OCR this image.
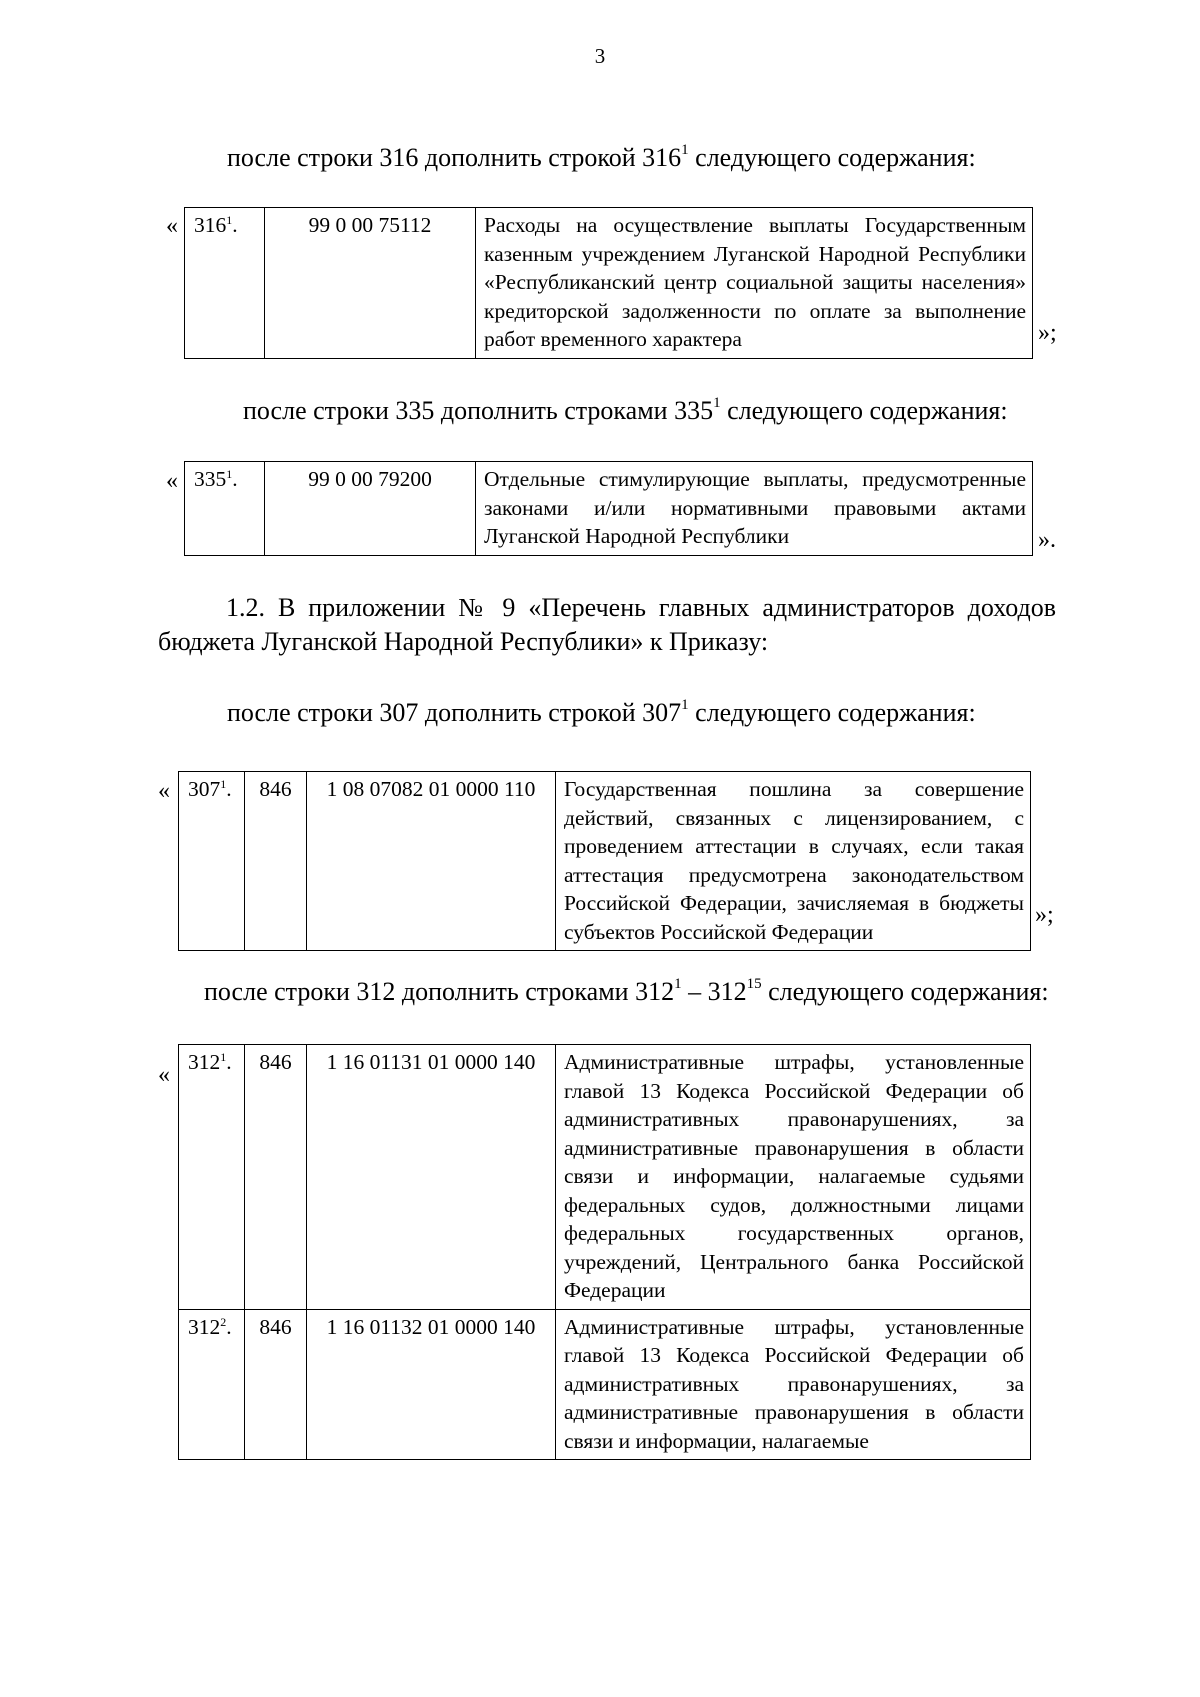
3
после строки 316 дополнить строкой $316^1$ следующего содержания:
« $316^1$.	99 0 00 75112	Расходы на осуществление выплаты Государственным казенным учреждением Луганской Народной Республики «Республиканский центр социальной защиты населения» кредиторской задолженности по оплате за выполнение работ временного характера	»;
после строки 335 дополнить строками $335^1$ следующего содержания:
« $335^1$.	99 0 00 79200	Отдельные стимулирующие выплаты, предусмотренные законами и/или нормативными правовыми актами Луганской Народной Республики	».
1.2. В приложении № 9 «Перечень главных администраторов доходов бюджета Луганской Народной Республики» к Приказу:
после строки 307 дополнить строкой $307^1$ следующего содержания:
« $307^1$.	846	1 08 07082 01 0000 110	Государственная пошлина за совершение действий, связанных с лицензированием, с проведением аттестации в случаях, если такая аттестация предусмотрена законодательством Российской Федерации, зачисляемая в бюджеты субъектов Российской Федерации
»;
после строки 312 дополнить строками $312^1 - 312^{15}$ следующего содержания:
« $312^1$.	846	1 16 01131 01 0000 140	Административные штрафы, установленные главой 13 Кодекса Российской Федерации об административных правонарушениях, за административные правонарушения в области связи и информации, налагаемые судьями федеральных судов, должностными лицами федеральных государственных органов, учреждений, Центрального банка Российской Федерации
$312^2$.	846	1 16 01132 01 0000 140	Административные штрафы, установленные главой 13 Кодекса Российской Федерации об административных правонарушениях, за административные правонарушения в области связи и информации, налагаемые
